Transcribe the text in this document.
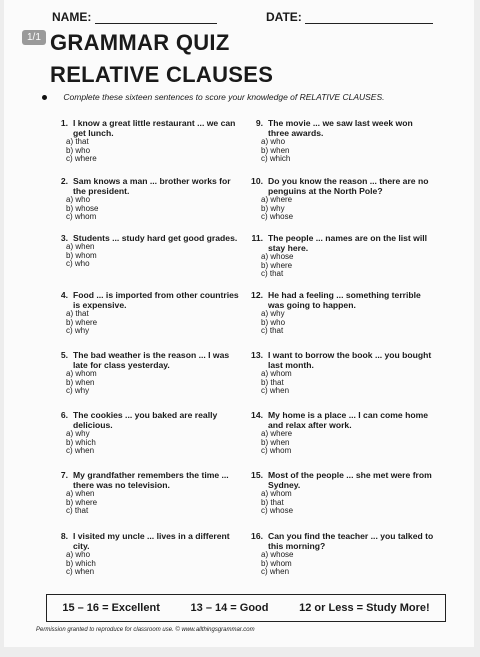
1/1
NAME:	DATE:
GRAMMAR QUIZ
RELATIVE CLAUSES
Complete these sixteen sentences to score your knowledge of RELATIVE CLAUSES.
1. I know a great little restaurant ... we can get lunch.
a) that
b) who
c) where
2. Sam knows a man ... brother works for the president.
a) who
b) whose
c) whom
3. Students ... study hard get good grades.
a) when
b) whom
c) who
4. Food ... is imported from other countries is expensive.
a) that
b) where
c) why
5. The bad weather is the reason ... I was late for class yesterday.
a) whom
b) when
c) why
6. The cookies ... you baked are really delicious.
a) why
b) which
c) when
7. My grandfather remembers the time ... there was no television.
a) when
b) where
c) that
8. I visited my uncle ... lives in a different city.
a) who
b) which
c) when
9. The movie ... we saw last week won three awards.
a) who
b) when
c) which
10. Do you know the reason ... there are no penguins at the North Pole?
a) where
b) why
c) whose
11. The people ... names are on the list will stay here.
a) whose
b) where
c) that
12. He had a feeling ... something terrible was going to happen.
a) why
b) who
c) that
13. I want to borrow the book ... you bought last month.
a) whom
b) that
c) when
14. My home is a place ... I can come home and relax after work.
a) where
b) when
c) whom
15. Most of the people ... she met were from Sydney.
a) whom
b) that
c) whose
16. Can you find the teacher ... you talked to this morning?
a) whose
b) whom
c) when
15 – 16 = Excellent	13 – 14 = Good	12 or Less = Study More!
Permission granted to reproduce for classroom use. © www.allthingsgrammar.com
